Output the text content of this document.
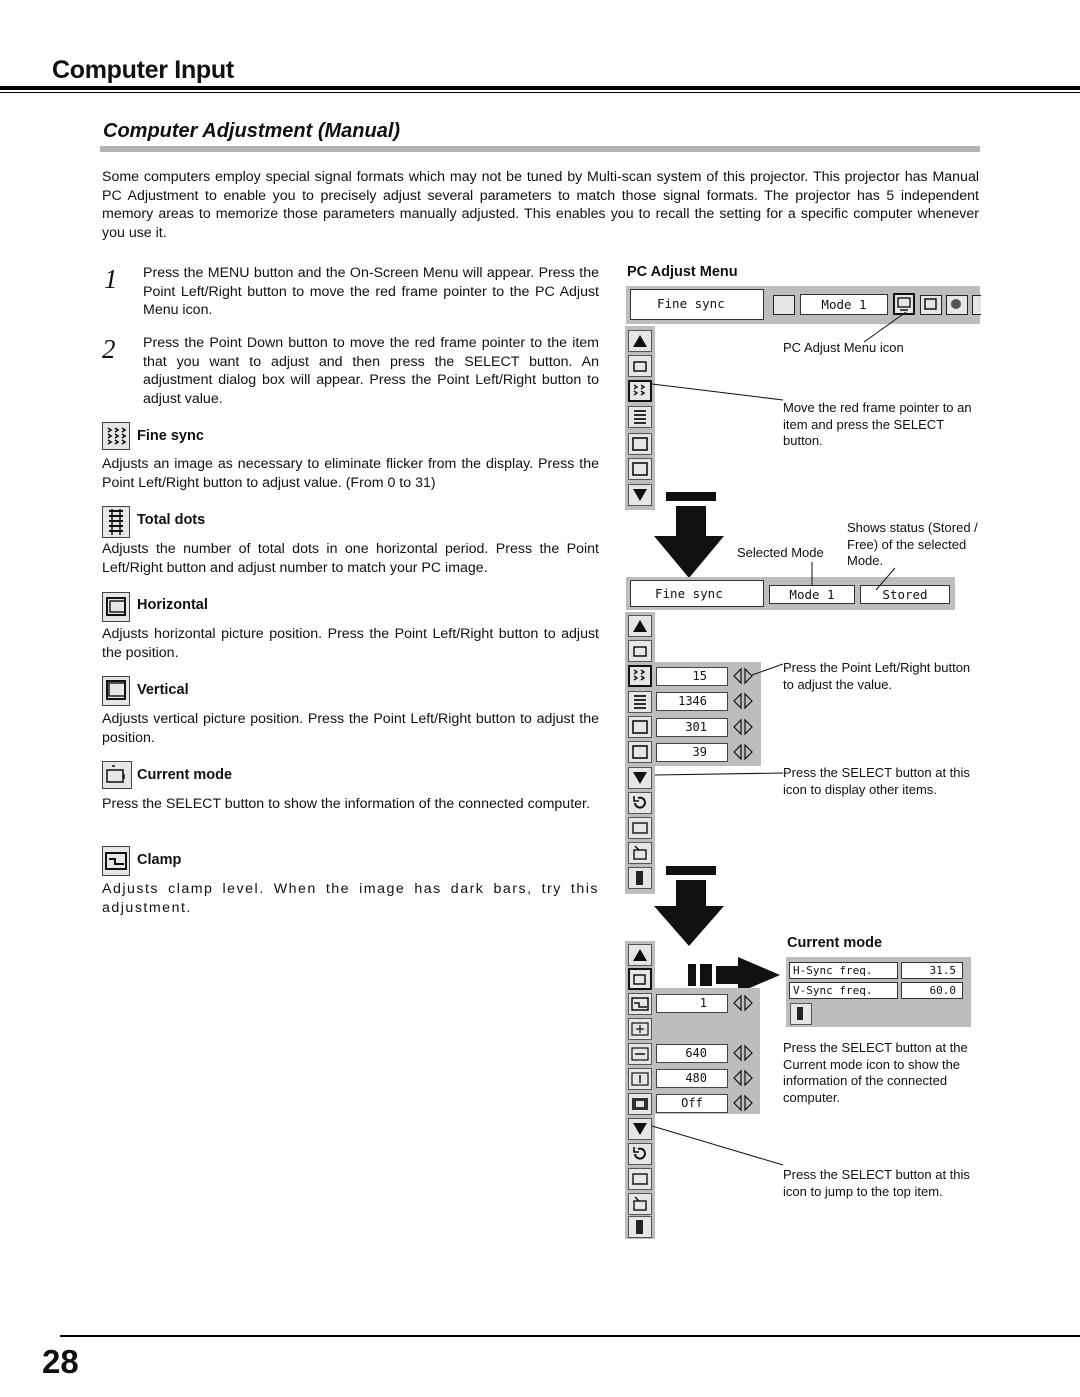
Computer Input
Computer Adjustment (Manual)
Some computers employ special signal formats which may not be tuned by Multi-scan system of this projector. This projector has Manual PC Adjustment to enable you to precisely adjust several parameters to match those signal formats. The projector has 5 independent memory areas to memorize those parameters manually adjusted. This enables you to recall the setting for a specific computer whenever you use it.
1 Press the MENU button and the On-Screen Menu will appear. Press the Point Left/Right button to move the red frame pointer to the PC Adjust Menu icon.
2 Press the Point Down button to move the red frame pointer to the item that you want to adjust and then press the SELECT button. An adjustment dialog box will appear. Press the Point Left/Right button to adjust value.
Fine sync
Adjusts an image as necessary to eliminate flicker from the display. Press the Point Left/Right button to adjust value. (From 0 to 31)
Total dots
Adjusts the number of total dots in one horizontal period. Press the Point Left/Right button and adjust number to match your PC image.
Horizontal
Adjusts horizontal picture position. Press the Point Left/Right button to adjust the position.
Vertical
Adjusts vertical picture position. Press the Point Left/Right button to adjust the position.
Current mode
Press the SELECT button to show the information of the connected computer.
Clamp
Adjusts clamp level. When the image has dark bars, try this adjustment.
PC Adjust Menu
Fine sync	Mode 1
PC Adjust Menu icon
Move the red frame pointer to an item and press the SELECT button.
Selected Mode
Shows status (Stored / Free) of the selected Mode.
Fine sync	Mode 1	Stored
15
1346
301
39
Press the Point Left/Right button to adjust the value.
Press the SELECT button at this icon to display other items.
Current mode
H-Sync freq.	31.5
V-Sync freq.	60.0
1
640
480
Off
Press the SELECT button at the Current mode icon to show the information of the connected computer.
Press the SELECT button at this icon to jump to the top item.
28
